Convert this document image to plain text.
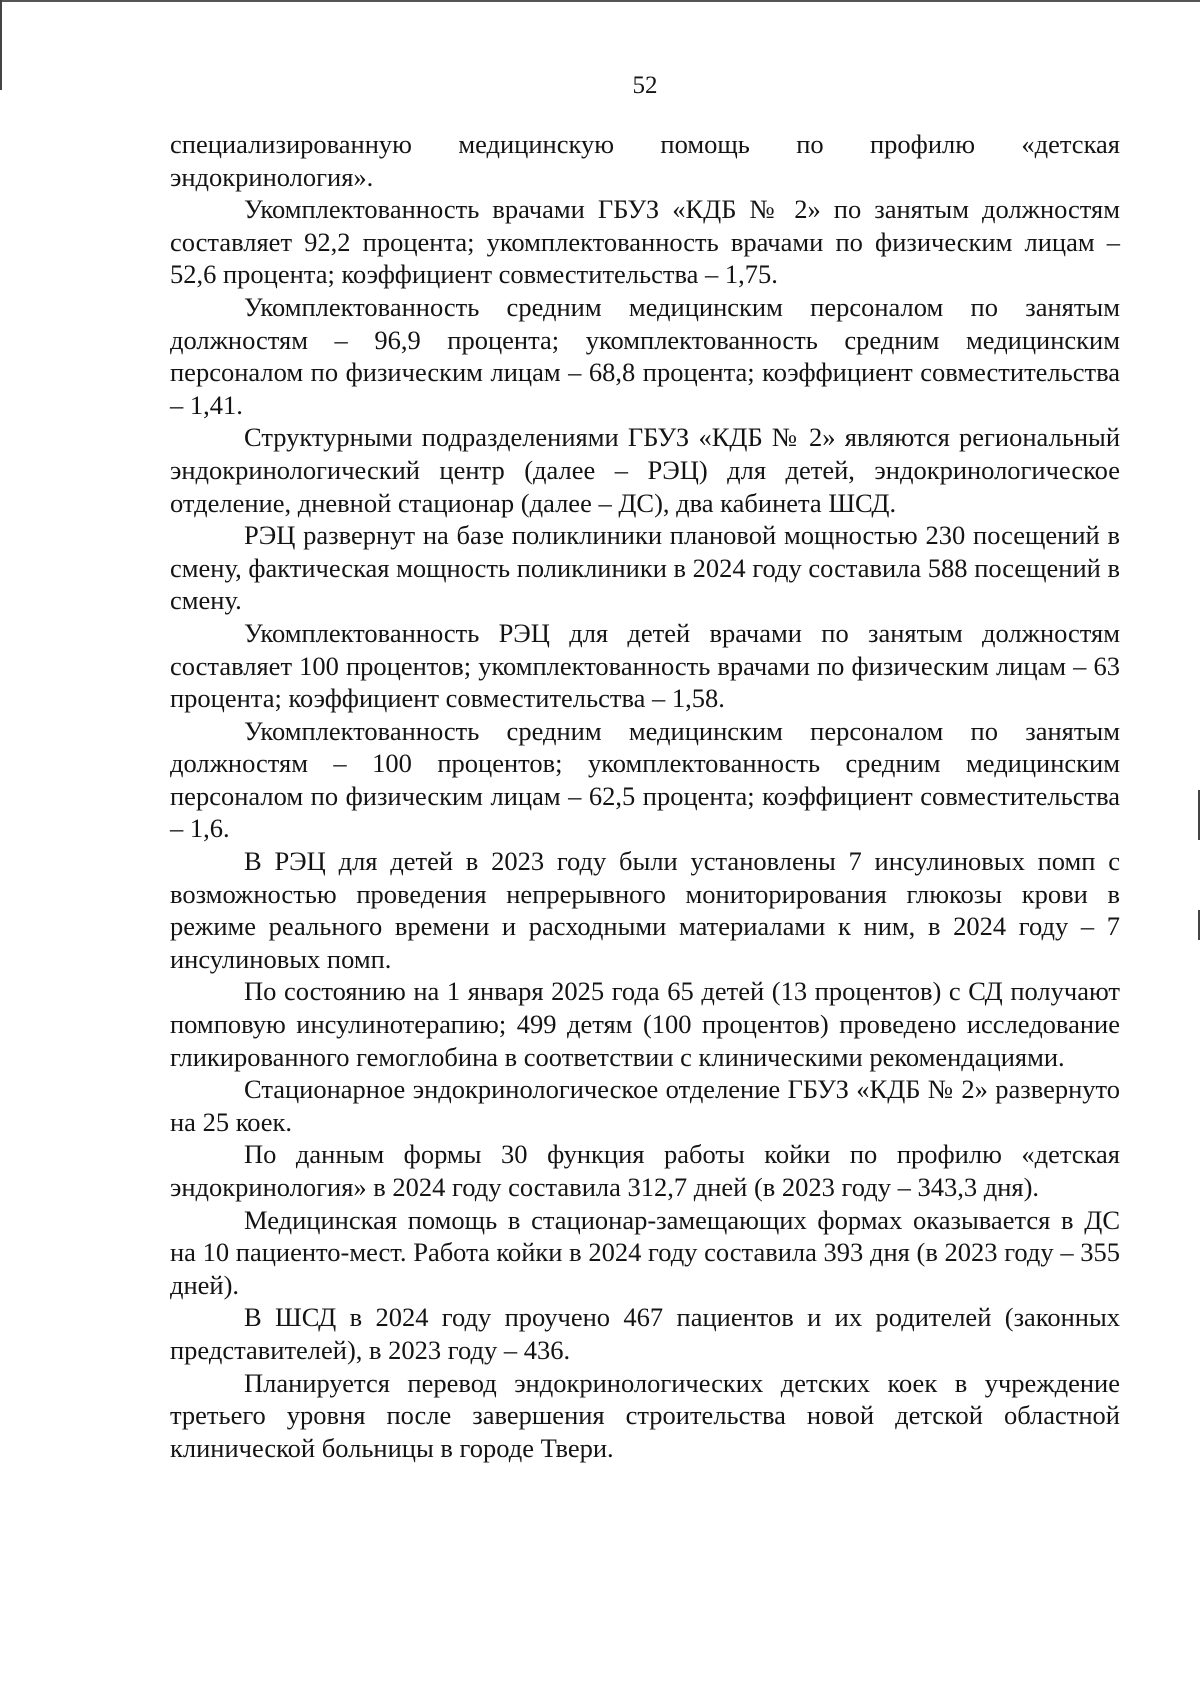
52

специализированную медицинскую помощь по профилю «детская эндокринология».

Укомплектованность врачами ГБУЗ «КДБ № 2» по занятым должностям составляет 92,2 процента; укомплектованность врачами по физическим лицам – 52,6 процента; коэффициент совместительства – 1,75.

Укомплектованность средним медицинским персоналом по занятым должностям – 96,9 процента; укомплектованность средним медицинским персоналом по физическим лицам – 68,8 процента; коэффициент совместительства – 1,41.

Структурными подразделениями ГБУЗ «КДБ № 2» являются региональный эндокринологический центр (далее – РЭЦ) для детей, эндокринологическое отделение, дневной стационар (далее – ДС), два кабинета ШСД.

РЭЦ развернут на базе поликлиники плановой мощностью 230 посещений в смену, фактическая мощность поликлиники в 2024 году составила 588 посещений в смену.

Укомплектованность РЭЦ для детей врачами по занятым должностям составляет 100 процентов; укомплектованность врачами по физическим лицам – 63 процента; коэффициент совместительства – 1,58.

Укомплектованность средним медицинским персоналом по занятым должностям – 100 процентов; укомплектованность средним медицинским персоналом по физическим лицам – 62,5 процента; коэффициент совместительства – 1,6.

В РЭЦ для детей в 2023 году были установлены 7 инсулиновых помп с возможностью проведения непрерывного мониторирования глюкозы крови в режиме реального времени и расходными материалами к ним, в 2024 году – 7 инсулиновых помп.

По состоянию на 1 января 2025 года 65 детей (13 процентов) с СД получают помповую инсулинотерапию; 499 детям (100 процентов) проведено исследование гликированного гемоглобина в соответствии с клиническими рекомендациями.

Стационарное эндокринологическое отделение ГБУЗ «КДБ № 2» развернуто на 25 коек.

По данным формы 30 функция работы койки по профилю «детская эндокринология» в 2024 году составила 312,7 дней (в 2023 году – 343,3 дня).

Медицинская помощь в стационар-замещающих формах оказывается в ДС на 10 пациенто-мест. Работа койки в 2024 году составила 393 дня (в 2023 году – 355 дней).

В ШСД в 2024 году проучено 467 пациентов и их родителей (законных представителей), в 2023 году – 436.

Планируется перевод эндокринологических детских коек в учреждение третьего уровня после завершения строительства новой детской областной клинической больницы в городе Твери.
